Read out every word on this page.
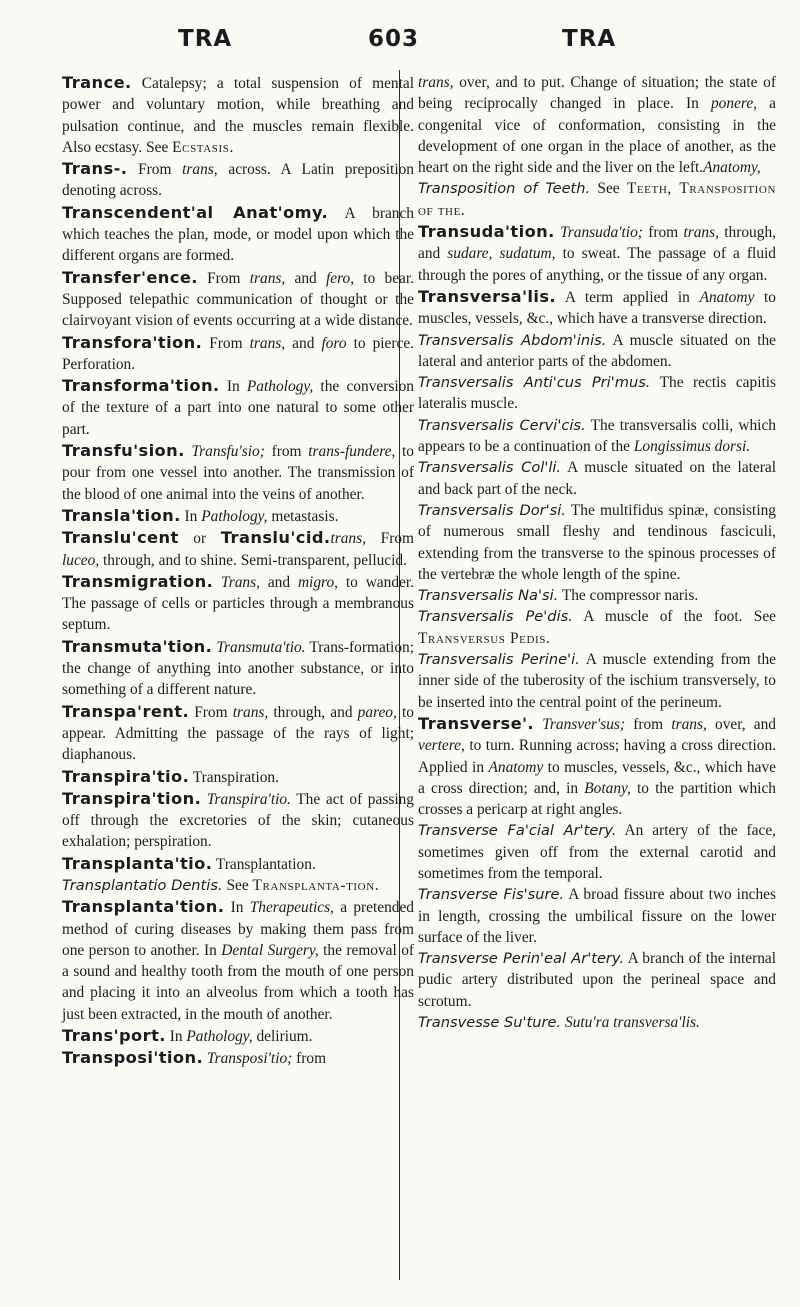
TRA	603	TRA

Trance. Catalepsy; a total suspension of mental power and voluntary motion, while breathing and pulsation continue, and the muscles remain flexible. Also ecstasy. See Ecstasis.

Trans-. From trans, across. A Latin preposition denoting across.

Transcendent'al Anat'omy. A branch which teaches the plan, mode, or model upon which the different organs are formed.

Transfer'ence. From trans, and fero, to bear. Supposed telepathic communication of thought or the clairvoyant vision of events occurring at a wide distance.

Transfora'tion. From trans, and foro to pierce. Perforation.

Transforma'tion. In Pathology, the conversion of the texture of a part into one natural to some other part.

Transfu'sion. Transfu'sio; from trans-fundere, to pour from one vessel into another. The transmission of the blood of one animal into the veins of another.

Transla'tion. In Pathology, metastasis.

Translu'cent or Translu'cid.trans, From luceo, through, and to shine. Semi-transparent, pellucid.

Transmigration. Trans, and migro, to wander. The passage of cells or particles through a membranous septum.

Transmuta'tion. Transmuta'tio. Trans-formation; the change of anything into another substance, or into something of a different nature.

Transpa'rent. From trans, through, and pareo, to appear. Admitting the passage of the rays of light; diaphanous.

Transpira'tio. Transpiration.

Transpira'tion. Transpira'tio. The act of passing off through the excretories of the skin; cutaneous exhalation; perspiration.

Transplanta'tio. Transplantation.

Transplantatio Dentis. See Transplanta-tion.

Transplanta'tion. In Therapeutics, a pretended method of curing diseases by making them pass from one person to another. In Dental Surgery, the removal of a sound and healthy tooth from the mouth of one person and placing it into an alveolus from which a tooth has just been extracted, in the mouth of another.

Trans'port. In Pathology, delirium.

Transposi'tion. Transposi'tio; from

trans, over, and to put. Change of situation; the state of being reciprocally changed in place. In ponere, a congenital vice of conformation, consisting in the development of one organ in the place of another, as the heart on the right side and the liver on the left.Anatomy,

Transposition of Teeth. See Teeth, Transposition of the.

Transuda'tion. Transuda'tio; from trans, through, and sudare, sudatum, to sweat. The passage of a fluid through the pores of anything, or the tissue of any organ.

Transversa'lis. A term applied in Anatomy to muscles, vessels, &c., which have a transverse direction.

Transversalis Abdom'inis. A muscle situated on the lateral and anterior parts of the abdomen.

Transversalis Anti'cus Pri'mus. The rectis capitis lateralis muscle.

Transversalis Cervi'cis. The transversalis colli, which appears to be a continuation of the Longissimus dorsi.

Transversalis Col'li. A muscle situated on the lateral and back part of the neck.

Transversalis Dor'si. The multifidus spinæ, consisting of numerous small fleshy and tendinous fasciculi, extending from the transverse to the spinous processes of the vertebræ the whole length of the spine.

Transversalis Na'si. The compressor naris.

Transversalis Pe'dis. A muscle of the foot. See Transversus Pedis.

Transversalis Perine'i. A muscle extending from the inner side of the tuberosity of the ischium transversely, to be inserted into the central point of the perineum.

Transverse'. Transver'sus; from trans, over, and vertere, to turn. Running across; having a cross direction. Applied in Anatomy to muscles, vessels, &c., which have a cross direction; and, in Botany, to the partition which crosses a pericarp at right angles.

Transverse Fa'cial Ar'tery. An artery of the face, sometimes given off from the external carotid and sometimes from the temporal.

Transverse Fis'sure. A broad fissure about two inches in length, crossing the umbilical fissure on the lower surface of the liver.

Transverse Perin'eal Ar'tery. A branch of the internal pudic artery distributed upon the perineal space and scrotum.

Transvesse Su'ture. Sutu'ra transversa'lis.
